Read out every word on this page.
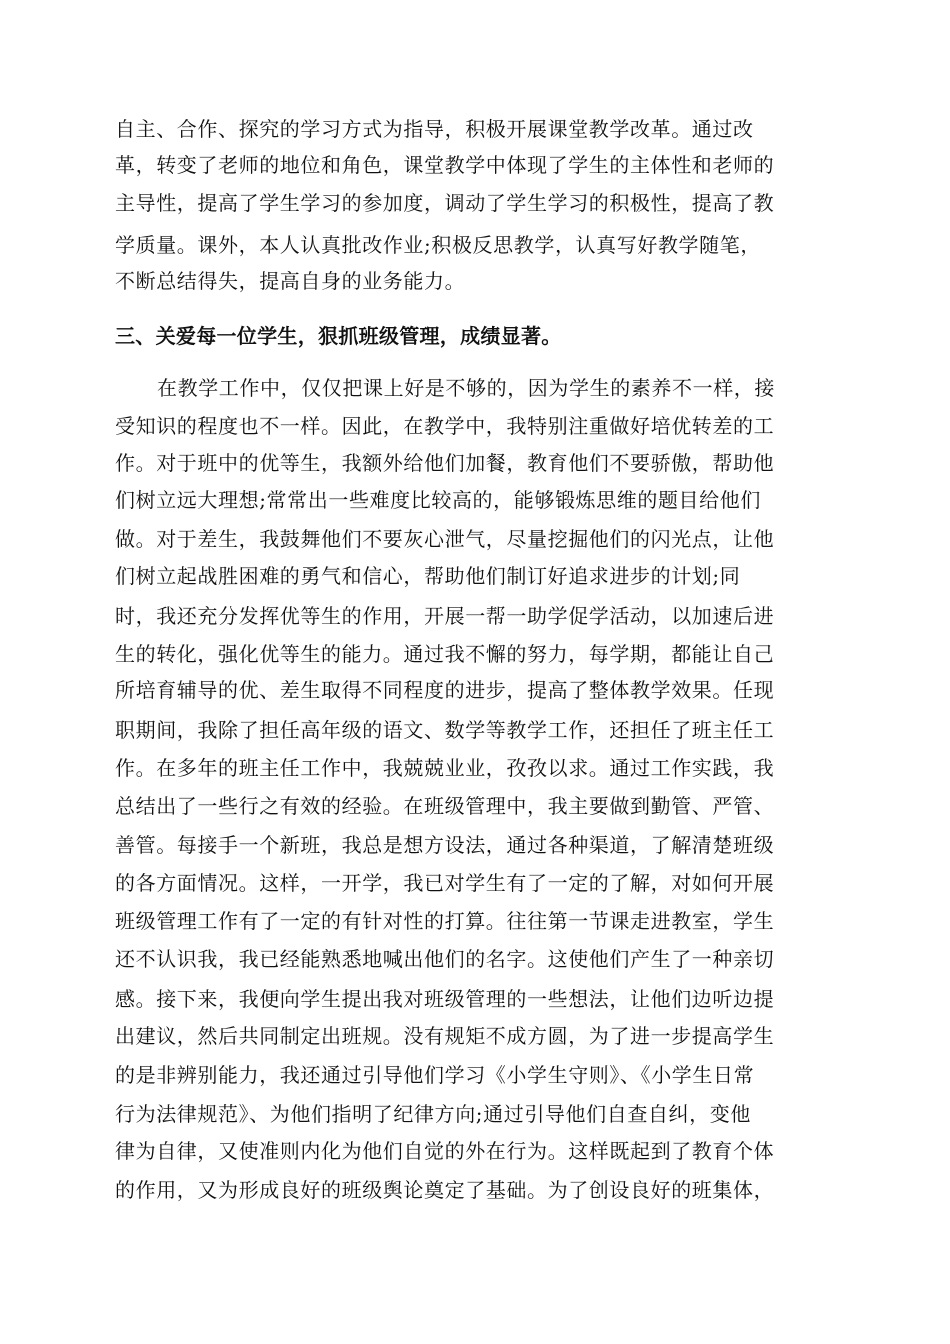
自主、合作、探究的学习方式为指导，积极开展课堂教学改革。通过改
革，转变了老师的地位和角色，课堂教学中体现了学生的主体性和老师的
主导性，提高了学生学习的参加度，调动了学生学习的积极性，提高了教
学质量。课外，本人认真批改作业;积极反思教学，认真写好教学随笔，
不断总结得失，提高自身的业务能力。
三、关爱每一位学生，狠抓班级管理，成绩显著。
在教学工作中，仅仅把课上好是不够的，因为学生的素养不一样，接
受知识的程度也不一样。因此，在教学中，我特别注重做好培优转差的工
作。对于班中的优等生，我额外给他们加餐，教育他们不要骄傲，帮助他
们树立远大理想;常常出一些难度比较高的，能够锻炼思维的题目给他们
做。对于差生，我鼓舞他们不要灰心泄气，尽量挖掘他们的闪光点，让他
们树立起战胜困难的勇气和信心，帮助他们制订好追求进步的计划;同
时，我还充分发挥优等生的作用，开展一帮一助学促学活动，以加速后进
生的转化，强化优等生的能力。通过我不懈的努力，每学期，都能让自己
所培育辅导的优、差生取得不同程度的进步，提高了整体教学效果。任现
职期间，我除了担任高年级的语文、数学等教学工作，还担任了班主任工
作。在多年的班主任工作中，我兢兢业业，孜孜以求。通过工作实践，我
总结出了一些行之有效的经验。在班级管理中，我主要做到勤管、严管、
善管。每接手一个新班，我总是想方设法，通过各种渠道，了解清楚班级
的各方面情况。这样，一开学，我已对学生有了一定的了解，对如何开展
班级管理工作有了一定的有针对性的打算。往往第一节课走进教室，学生
还不认识我，我已经能熟悉地喊出他们的名字。这使他们产生了一种亲切
感。接下来，我便向学生提出我对班级管理的一些想法，让他们边听边提
出建议，然后共同制定出班规。没有规矩不成方圆，为了进一步提高学生
的是非辨别能力，我还通过引导他们学习《小学生守则》、《小学生日常
行为法律规范》、为他们指明了纪律方向;通过引导他们自查自纠，变他
律为自律，又使准则内化为他们自觉的外在行为。这样既起到了教育个体
的作用，又为形成良好的班级舆论奠定了基础。为了创设良好的班集体，
